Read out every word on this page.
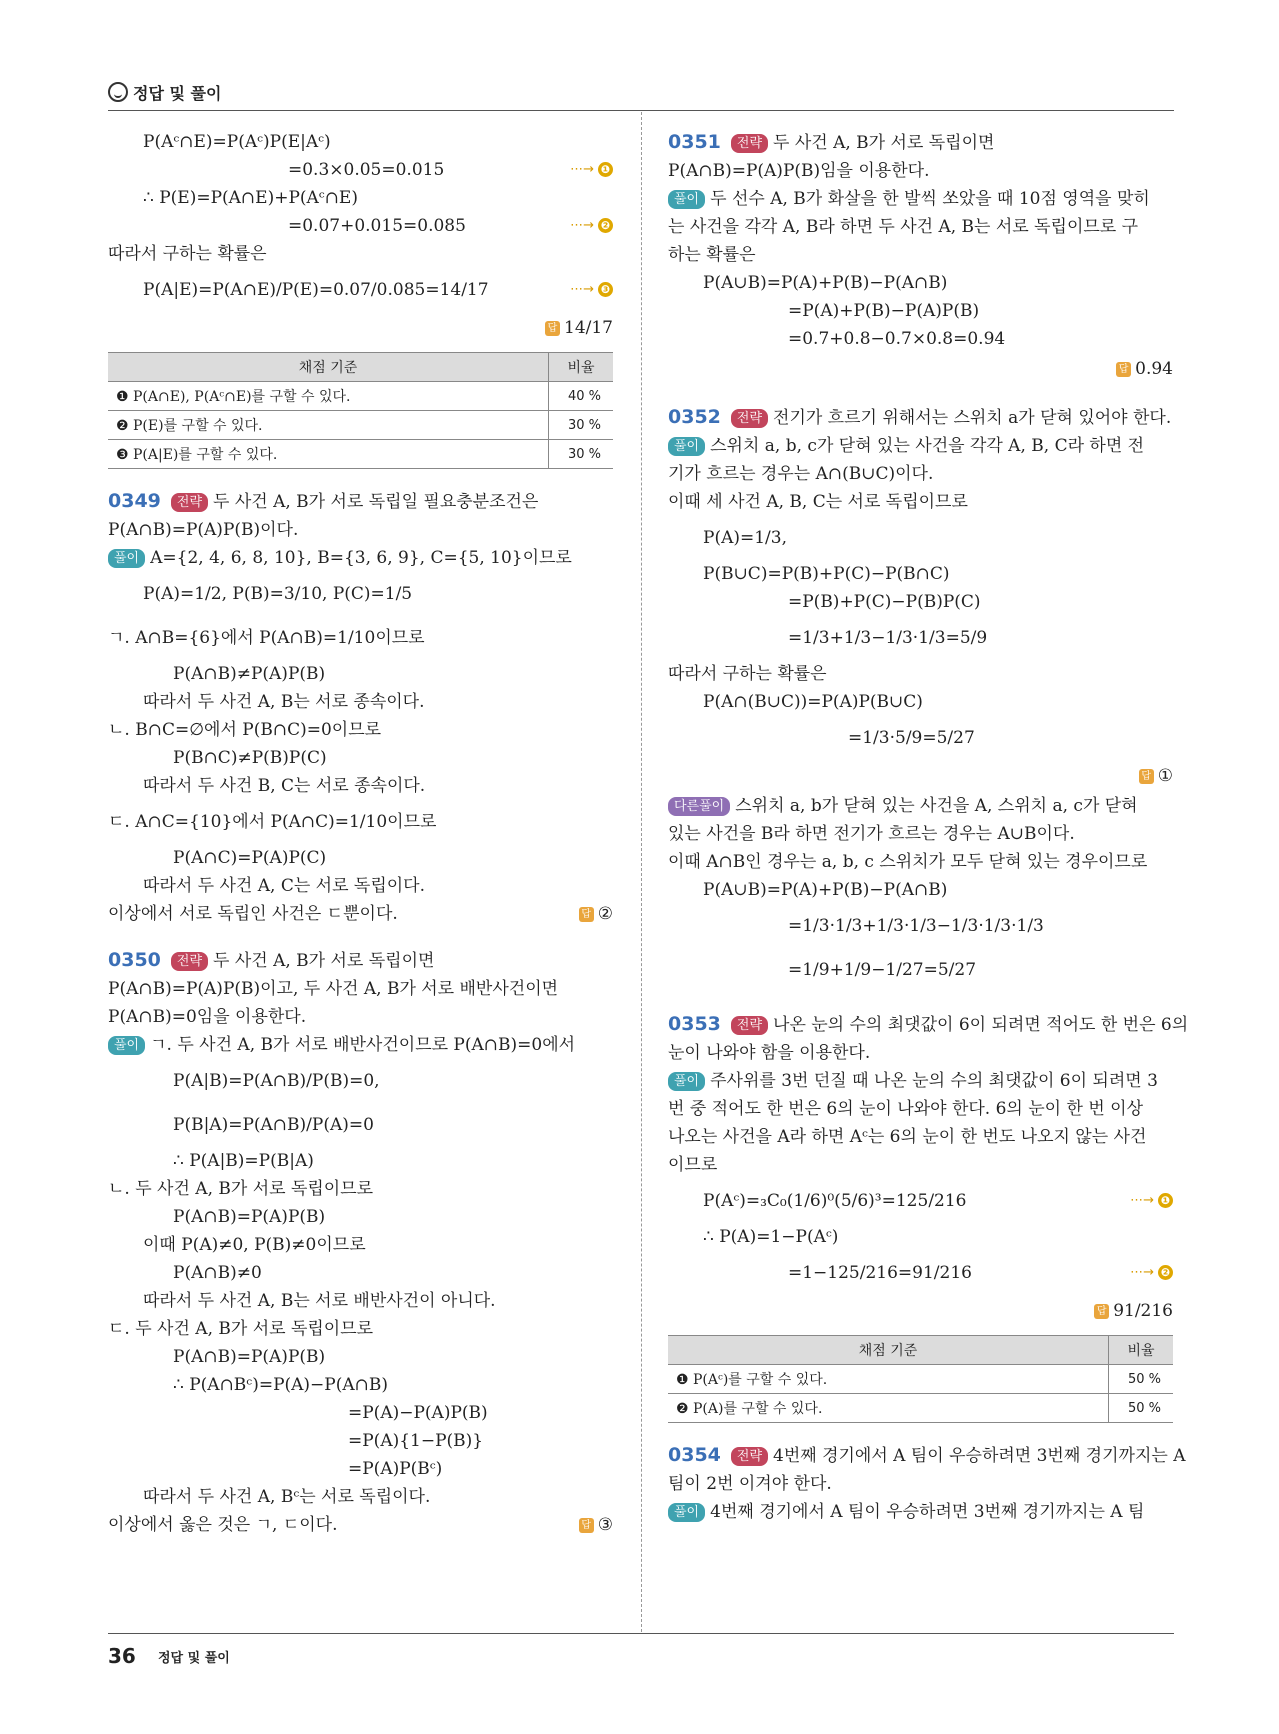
정답 및 풀이
P(Aᶜ∩E)=P(Aᶜ)P(E|Aᶜ)
=0.3×0.05=0.015	⋯→ ❶
∴ P(E)=P(A∩E)+P(Aᶜ∩E)
=0.07+0.015=0.085	⋯→ ❷
따라서 구하는 확률은
P(A|E)=P(A∩E)/P(E)=0.07/0.085=14/17	⋯→ ❸
답 14/17
채점 기준	비율
❶ P(A∩E), P(Aᶜ∩E)를 구할 수 있다.	40 %
❷ P(E)를 구할 수 있다.	30 %
❸ P(A|E)를 구할 수 있다.	30 %
0349 전략 두 사건 A, B가 서로 독립일 필요충분조건은
P(A∩B)=P(A)P(B)이다.
풀이 A={2, 4, 6, 8, 10}, B={3, 6, 9}, C={5, 10}이므로
P(A)=1/2, P(B)=3/10, P(C)=1/5
ㄱ. A∩B={6}에서 P(A∩B)=1/10이므로
P(A∩B)≠P(A)P(B)
따라서 두 사건 A, B는 서로 종속이다.
ㄴ. B∩C=∅에서 P(B∩C)=0이므로
P(B∩C)≠P(B)P(C)
따라서 두 사건 B, C는 서로 종속이다.
ㄷ. A∩C={10}에서 P(A∩C)=1/10이므로
P(A∩C)=P(A)P(C)
따라서 두 사건 A, C는 서로 독립이다.
이상에서 서로 독립인 사건은 ㄷ뿐이다.	답 ②
0350 전략 두 사건 A, B가 서로 독립이면
P(A∩B)=P(A)P(B)이고, 두 사건 A, B가 서로 배반사건이면
P(A∩B)=0임을 이용한다.
풀이 ㄱ. 두 사건 A, B가 서로 배반사건이므로 P(A∩B)=0에서
P(A|B)=P(A∩B)/P(B)=0,
P(B|A)=P(A∩B)/P(A)=0
∴ P(A|B)=P(B|A)
ㄴ. 두 사건 A, B가 서로 독립이므로
P(A∩B)=P(A)P(B)
이때 P(A)≠0, P(B)≠0이므로
P(A∩B)≠0
따라서 두 사건 A, B는 서로 배반사건이 아니다.
ㄷ. 두 사건 A, B가 서로 독립이므로
P(A∩B)=P(A)P(B)
∴ P(A∩Bᶜ)=P(A)−P(A∩B)
=P(A)−P(A)P(B)
=P(A){1−P(B)}
=P(A)P(Bᶜ)
따라서 두 사건 A, Bᶜ는 서로 독립이다.
이상에서 옳은 것은 ㄱ, ㄷ이다.	답 ③
0351 전략 두 사건 A, B가 서로 독립이면
P(A∩B)=P(A)P(B)임을 이용한다.
풀이 두 선수 A, B가 화살을 한 발씩 쏘았을 때 10점 영역을 맞히
는 사건을 각각 A, B라 하면 두 사건 A, B는 서로 독립이므로 구
하는 확률은
P(A∪B)=P(A)+P(B)−P(A∩B)
=P(A)+P(B)−P(A)P(B)
=0.7+0.8−0.7×0.8=0.94
답 0.94
0352 전략 전기가 흐르기 위해서는 스위치 a가 닫혀 있어야 한다.
풀이 스위치 a, b, c가 닫혀 있는 사건을 각각 A, B, C라 하면 전
기가 흐르는 경우는 A∩(B∪C)이다.
이때 세 사건 A, B, C는 서로 독립이므로
P(A)=1/3,
P(B∪C)=P(B)+P(C)−P(B∩C)
=P(B)+P(C)−P(B)P(C)
=1/3+1/3−1/3·1/3=5/9
따라서 구하는 확률은
P(A∩(B∪C))=P(A)P(B∪C)
=1/3·5/9=5/27
답 ①
다른풀이 스위치 a, b가 닫혀 있는 사건을 A, 스위치 a, c가 닫혀
있는 사건을 B라 하면 전기가 흐르는 경우는 A∪B이다.
이때 A∩B인 경우는 a, b, c 스위치가 모두 닫혀 있는 경우이므로
P(A∪B)=P(A)+P(B)−P(A∩B)
=1/3·1/3+1/3·1/3−1/3·1/3·1/3
=1/9+1/9−1/27=5/27
0353 전략 나온 눈의 수의 최댓값이 6이 되려면 적어도 한 번은 6의
눈이 나와야 함을 이용한다.
풀이 주사위를 3번 던질 때 나온 눈의 수의 최댓값이 6이 되려면 3
번 중 적어도 한 번은 6의 눈이 나와야 한다. 6의 눈이 한 번 이상
나오는 사건을 A라 하면 Aᶜ는 6의 눈이 한 번도 나오지 않는 사건
이므로
P(Aᶜ)=₃C₀(1/6)⁰(5/6)³=125/216	⋯→ ❶
∴ P(A)=1−P(Aᶜ)
=1−125/216=91/216	⋯→ ❷
답 91/216
채점 기준	비율
❶ P(Aᶜ)를 구할 수 있다.	50 %
❷ P(A)를 구할 수 있다.	50 %
0354 전략 4번째 경기에서 A 팀이 우승하려면 3번째 경기까지는 A
팀이 2번 이겨야 한다.
풀이 4번째 경기에서 A 팀이 우승하려면 3번째 경기까지는 A 팀
36 정답 및 풀이
